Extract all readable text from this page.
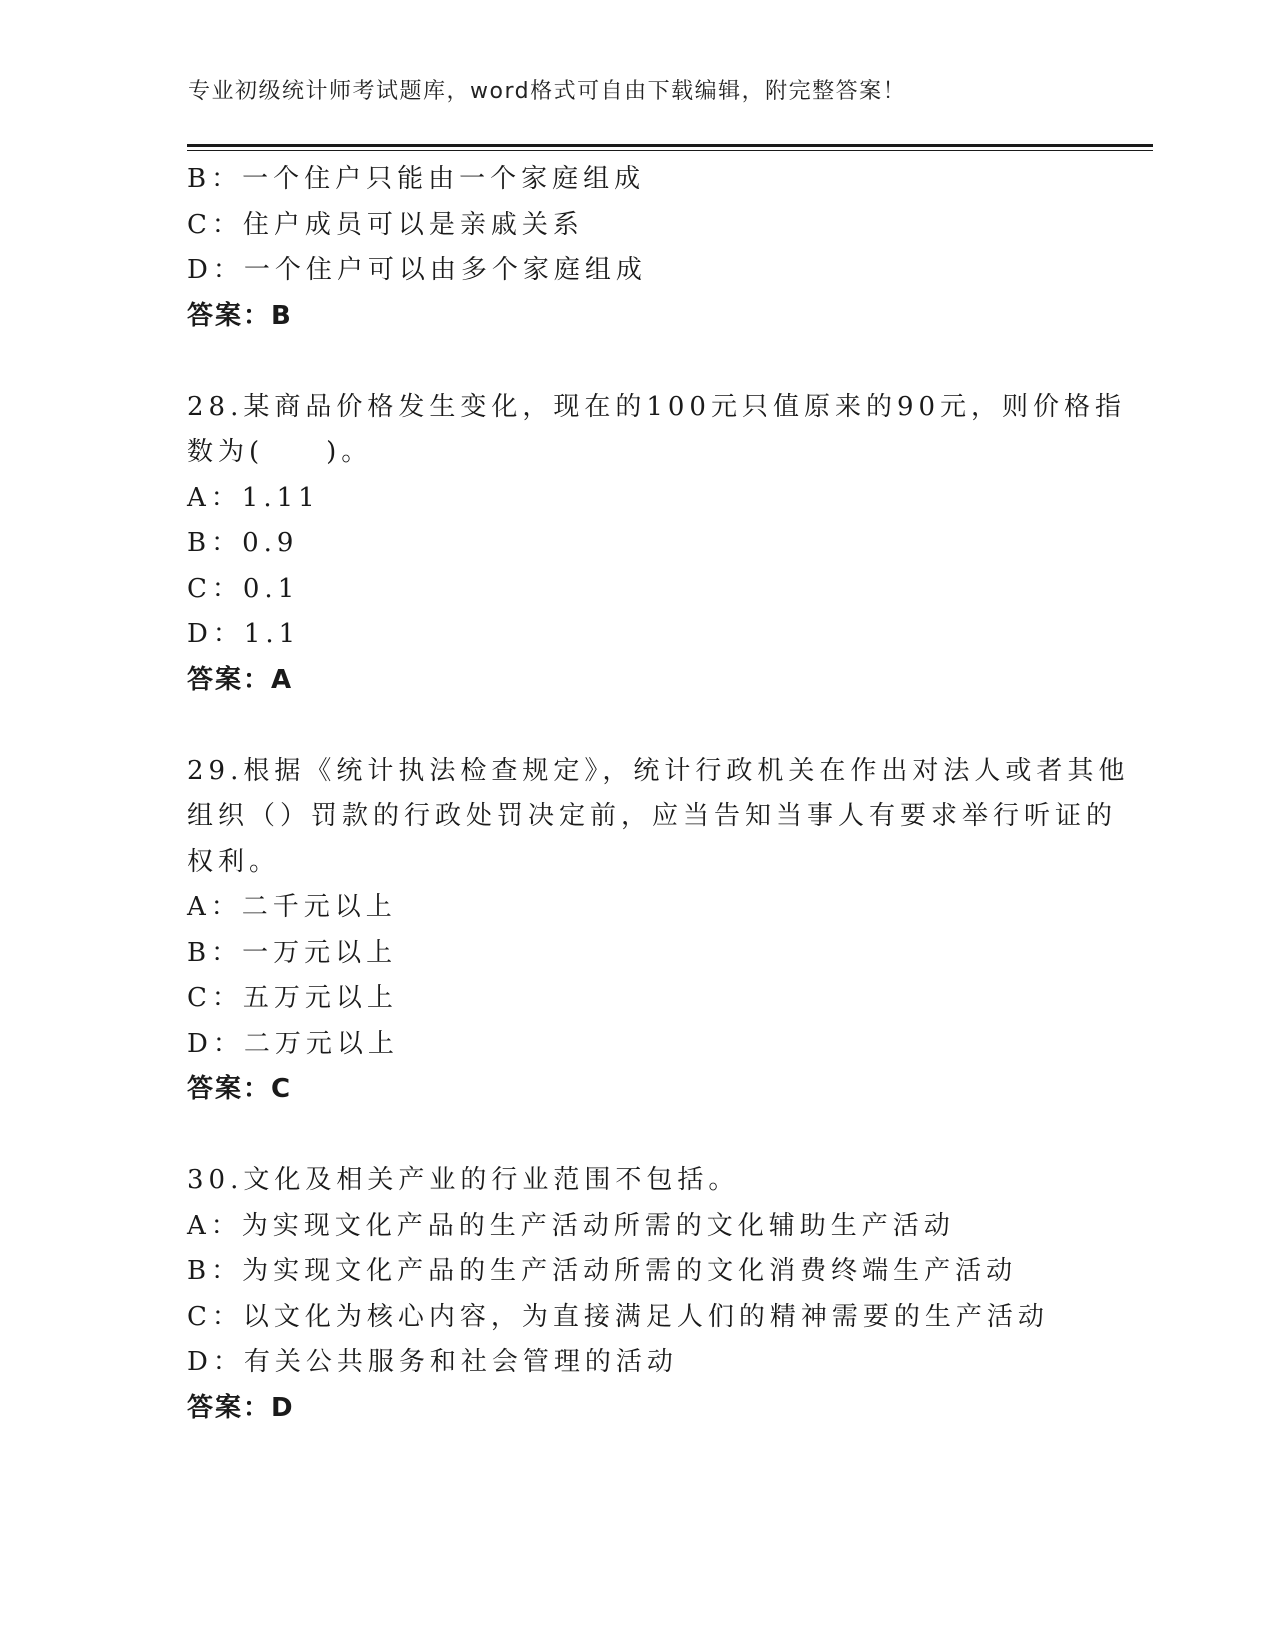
专业初级统计师考试题库，word格式可自由下载编辑，附完整答案！
B：一个住户只能由一个家庭组成
C：住户成员可以是亲戚关系
D：一个住户可以由多个家庭组成
答案：B
28.某商品价格发生变化，现在的100元只值原来的90元，则价格指
数为(　　)。
A：1.11
B：0.9
C：0.1
D：1.1
答案：A
29.根据《统计执法检查规定》，统计行政机关在作出对法人或者其他
组织（）罚款的行政处罚决定前，应当告知当事人有要求举行听证的
权利。
A：二千元以上
B：一万元以上
C：五万元以上
D：二万元以上
答案：C
30.文化及相关产业的行业范围不包括。
A：为实现文化产品的生产活动所需的文化辅助生产活动
B：为实现文化产品的生产活动所需的文化消费终端生产活动
C：以文化为核心内容，为直接满足人们的精神需要的生产活动
D：有关公共服务和社会管理的活动
答案：D
